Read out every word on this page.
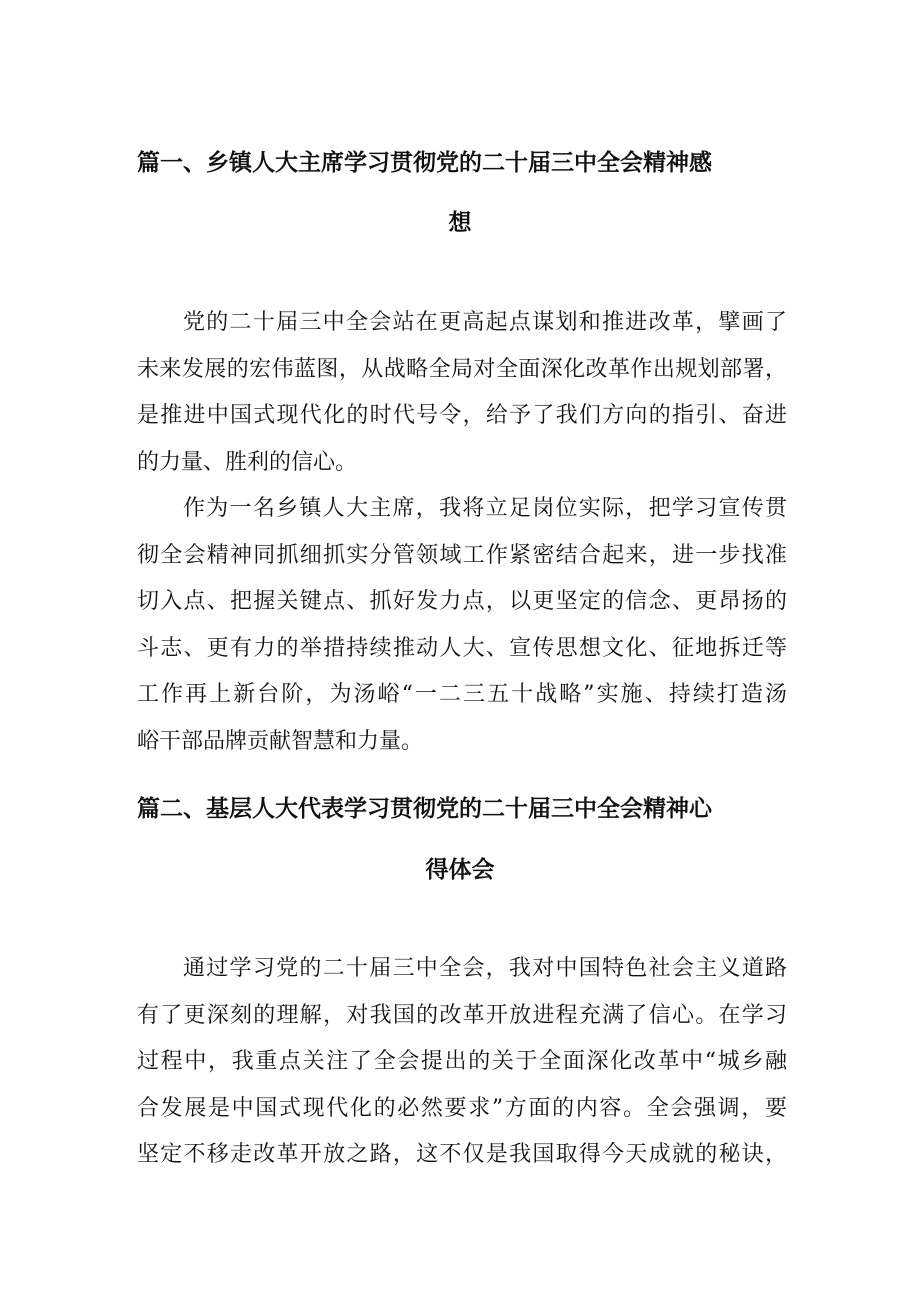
篇一、乡镇人大主席学习贯彻党的二十届三中全会精神感
想
党的二十届三中全会站在更高起点谋划和推进改革，擘画了
未来发展的宏伟蓝图，从战略全局对全面深化改革作出规划部署，
是推进中国式现代化的时代号令，给予了我们方向的指引、奋进
的力量、胜利的信心。
作为一名乡镇人大主席，我将立足岗位实际，把学习宣传贯
彻全会精神同抓细抓实分管领域工作紧密结合起来，进一步找准
切入点、把握关键点、抓好发力点，以更坚定的信念、更昂扬的
斗志、更有力的举措持续推动人大、宣传思想文化、征地拆迁等
工作再上新台阶，为汤峪“一二三五十战略”实施、持续打造汤
峪干部品牌贡献智慧和力量。
篇二、基层人大代表学习贯彻党的二十届三中全会精神心
得体会
通过学习党的二十届三中全会，我对中国特色社会主义道路
有了更深刻的理解，对我国的改革开放进程充满了信心。在学习
过程中，我重点关注了全会提出的关于全面深化改革中“城乡融
合发展是中国式现代化的必然要求”方面的内容。全会强调，要
坚定不移走改革开放之路，这不仅是我国取得今天成就的秘诀，
